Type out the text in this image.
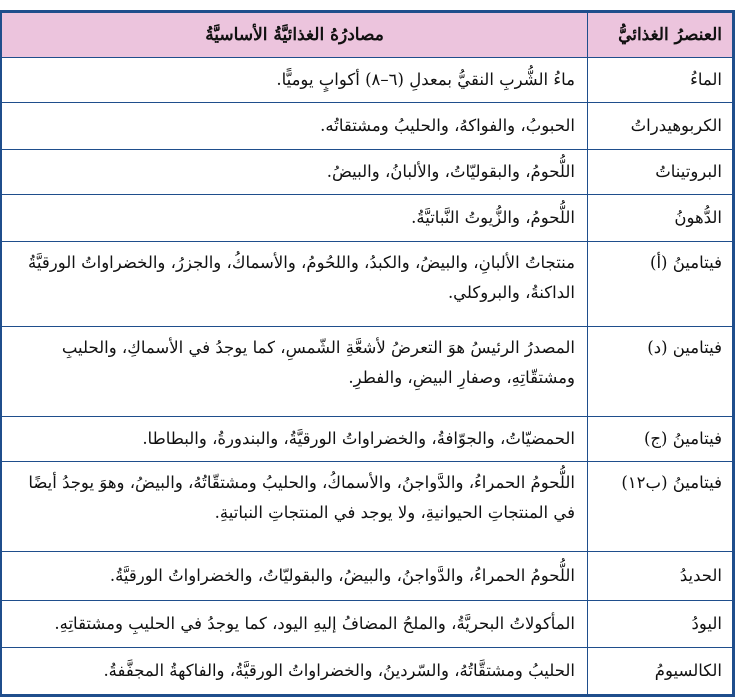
العنصرُ الغذائيُّ	مصادرُهُ الغذائيَّةُ الأساسيَّةُ
الماءُ	ماءُ الشُّربِ النقيُّ بمعدلِ (٦–٨) أكوابٍ يوميًّا.
الكربوهيدراتُ	الحبوبُ، والفواكهُ، والحليبُ ومشتقاتُه.
البروتيناتُ	اللُّحومُ، والبقوليّاتُ، والألبانُ، والبيضُ.
الدُّهونُ	اللُّحومُ، والزُّيوتُ النَّباتيَّةُ.
فيتامينُ (أ)	منتجاتُ الألبانِ، والبيضُ، والكبدُ، واللحُومُ، والأسماكُ، والجزرُ، والخضراواتُ الورقيَّةُ الداكنةُ، والبروكلي.
فيتامين (د)	المصدرُ الرئيسُ هوَ التعرضُ لأشعَّةِ الشّمسِ، كما يوجدُ في الأسماكِ، والحليبِ ومشتقّاتِهِ، وصفارِ البيضِ، والفطرِ.
فيتامينُ (ج)	الحمضيّاتُ، والجوّافةُ، والخضراواتُ الورقيَّةُ، والبندورةُ، والبطاطا.
فيتامينُ (ب١٢)	اللُّحومُ الحمراءُ، والدَّواجنُ، والأسماكُ، والحليبُ ومشتقّاتُهُ، والبيضُ، وهوَ يوجدُ أيضًا في المنتجاتِ الحيوانيةِ، ولا يوجد في المنتجاتِ النباتيةِ.
الحديدُ	اللُّحومُ الحمراءُ، والدَّواجنُ، والبيضُ، والبقوليّاتُ، والخضراواتُ الورقيَّةُ.
اليودُ	المأكولاتُ البحريَّةُ، والملحُ المضافُ إليهِ اليود، كما يوجدُ في الحليبِ ومشتقاتِهِ.
الكالسيومُ	الحليبُ ومشتقَّاتُهُ، والسّردينُ، والخضراواتُ الورقيَّةُ، والفاكهةُ المجفَّفةُ.
